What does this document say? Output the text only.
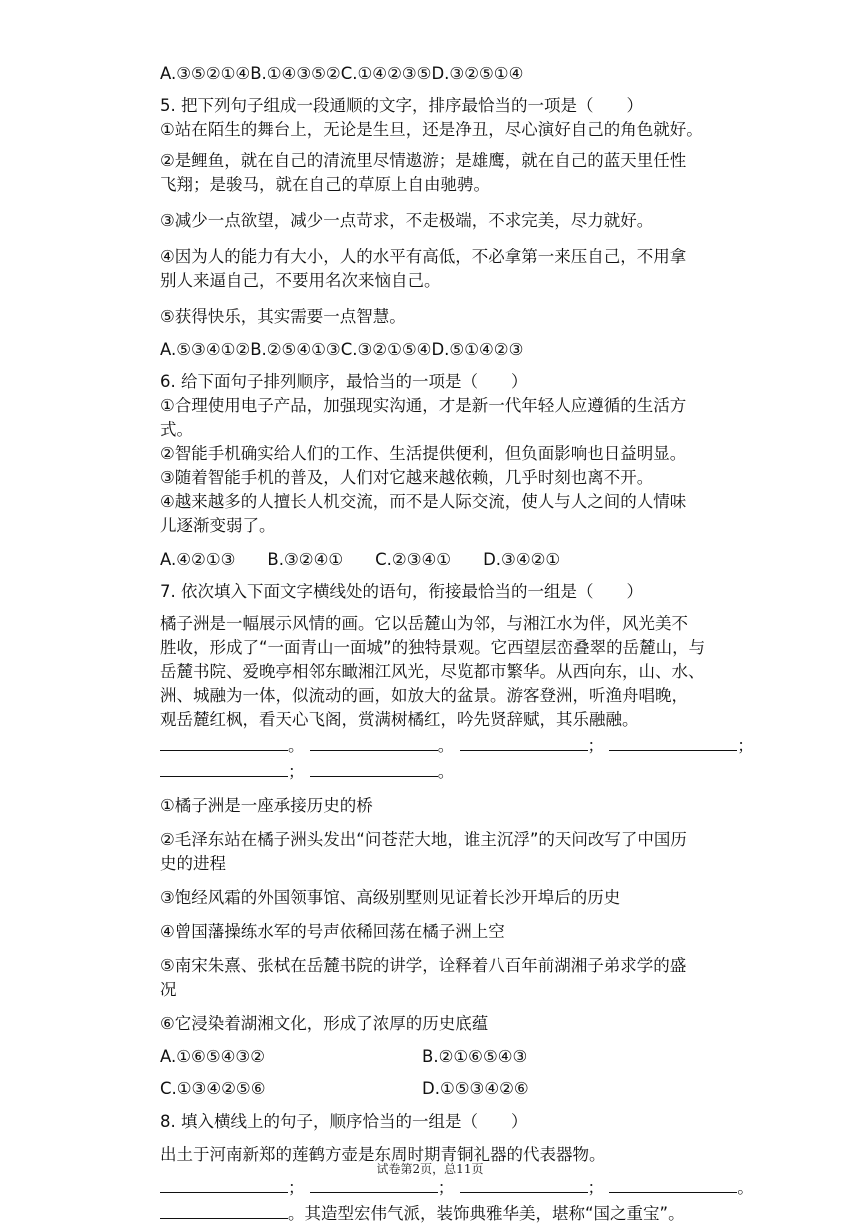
A.③⑤②①④B.①④③⑤②C.①④②③⑤D.③②⑤①④
5. 把下列句子组成一段通顺的文字，排序最恰当的一项是（　　）
①站在陌生的舞台上，无论是生旦，还是净丑，尽心演好自己的角色就好。
②是鲤鱼，就在自己的清流里尽情遨游；是雄鹰，就在自己的蓝天里任性
飞翔；是骏马，就在自己的草原上自由驰骋。
③减少一点欲望，减少一点苛求，不走极端，不求完美，尽力就好。
④因为人的能力有大小，人的水平有高低，不必拿第一来压自己，不用拿
别人来逼自己，不要用名次来恼自己。
⑤获得快乐，其实需要一点智慧。
A.⑤③④①②B.②⑤④①③C.③②①⑤④D.⑤①④②③
6. 给下面句子排列顺序，最恰当的一项是（　　）
①合理使用电子产品，加强现实沟通，才是新一代年轻人应遵循的生活方
式。
②智能手机确实给人们的工作、生活提供便利，但负面影响也日益明显。
③随着智能手机的普及，人们对它越来越依赖，几乎时刻也离不开。
④越来越多的人擅长人机交流，而不是人际交流，使人与人之间的人情味
儿逐渐变弱了。
A.④②①③ B.③②④① C.②③④① D.③④②①
7. 依次填入下面文字横线处的语句，衔接最恰当的一组是（　　）
橘子洲是一幅展示风情的画。它以岳麓山为邻，与湘江水为伴，风光美不
胜收，形成了“一面青山一面城”的独特景观。它西望层峦叠翠的岳麓山，与
岳麓书院、爱晚亭相邻东瞰湘江风光，尽览都市繁华。从西向东，山、水、
洲、城融为一体，似流动的画，如放大的盆景。游客登洲，听渔舟唱晚，
观岳麓红枫，看天心飞阁，赏满树橘红，吟先贤辞赋，其乐融融。
。	。	；	；
；	。
①橘子洲是一座承接历史的桥
②毛泽东站在橘子洲头发出“问苍茫大地，谁主沉浮”的天问改写了中国历
史的进程
③饱经风霜的外国领事馆、高级别墅则见证着长沙开埠后的历史
④曾国藩操练水军的号声依稀回荡在橘子洲上空
⑤南宋朱熹、张栻在岳麓书院的讲学，诠释着八百年前湖湘子弟求学的盛
况
⑥它浸染着湖湘文化，形成了浓厚的历史底蕴
A.①⑥⑤④③②	B.②①⑥⑤④③
C.①③④②⑤⑥	D.①⑤③④②⑥
8. 填入横线上的句子，顺序恰当的一组是（　　）
出土于河南新郑的莲鹤方壶是东周时期青铜礼器的代表器物。
；	；	；	。
。其造型宏伟气派，装饰典雅华美，堪称“国之重宝”。
试卷第2页，总11页
